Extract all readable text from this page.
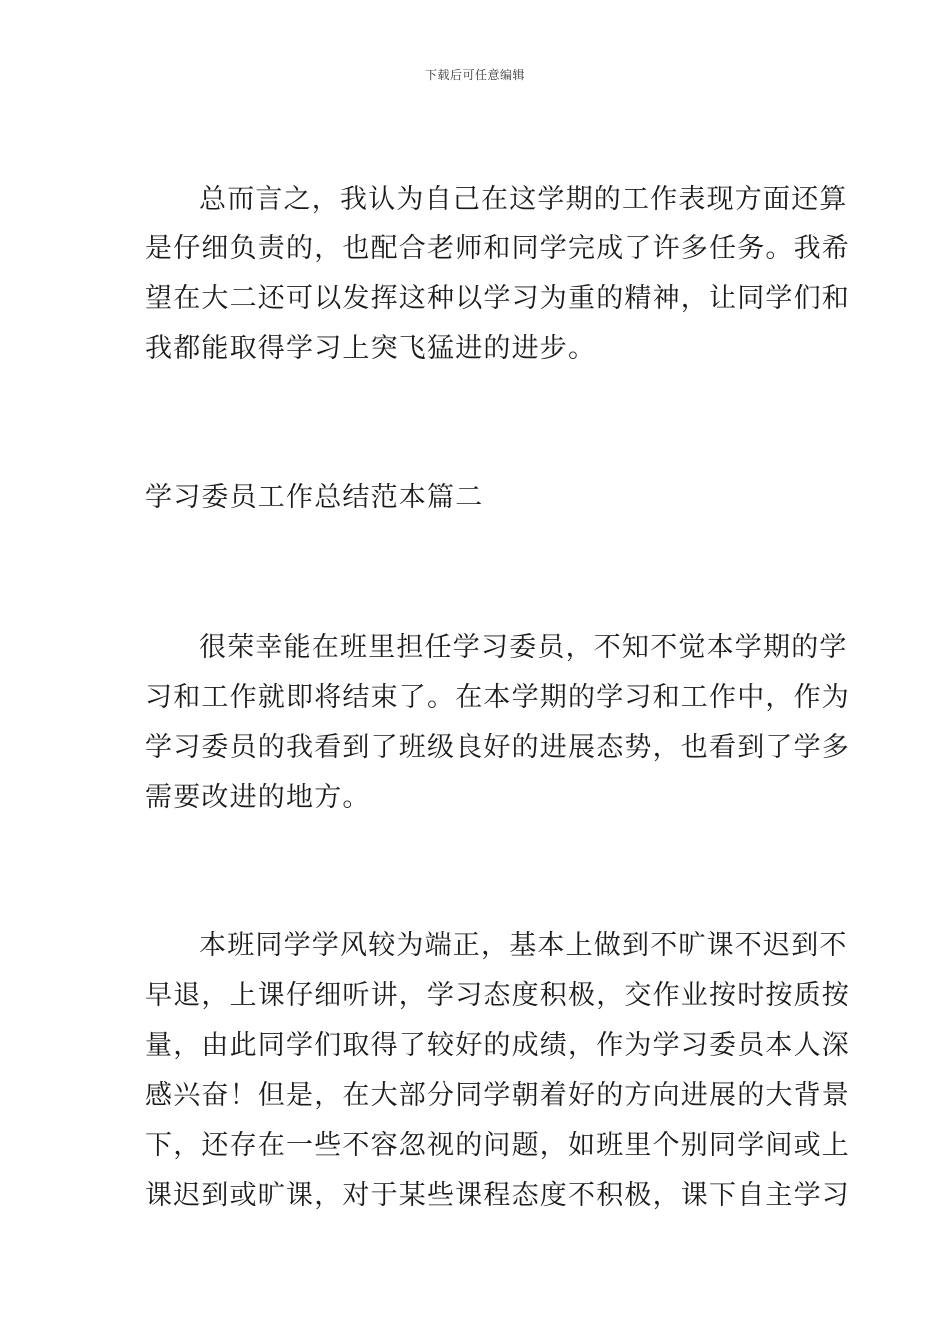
下载后可任意编辑
总而言之，我认为自己在这学期的工作表现方面还算
是仔细负责的，也配合老师和同学完成了许多任务。我希
望在大二还可以发挥这种以学习为重的精神，让同学们和
我都能取得学习上突飞猛进的进步。
学习委员工作总结范本篇二
很荣幸能在班里担任学习委员，不知不觉本学期的学
习和工作就即将结束了。在本学期的学习和工作中，作为
学习委员的我看到了班级良好的进展态势，也看到了学多
需要改进的地方。
本班同学学风较为端正，基本上做到不旷课不迟到不
早退，上课仔细听讲，学习态度积极，交作业按时按质按
量，由此同学们取得了较好的成绩，作为学习委员本人深
感兴奋！但是，在大部分同学朝着好的方向进展的大背景
下，还存在一些不容忽视的问题，如班里个别同学间或上
课迟到或旷课，对于某些课程态度不积极，课下自主学习
